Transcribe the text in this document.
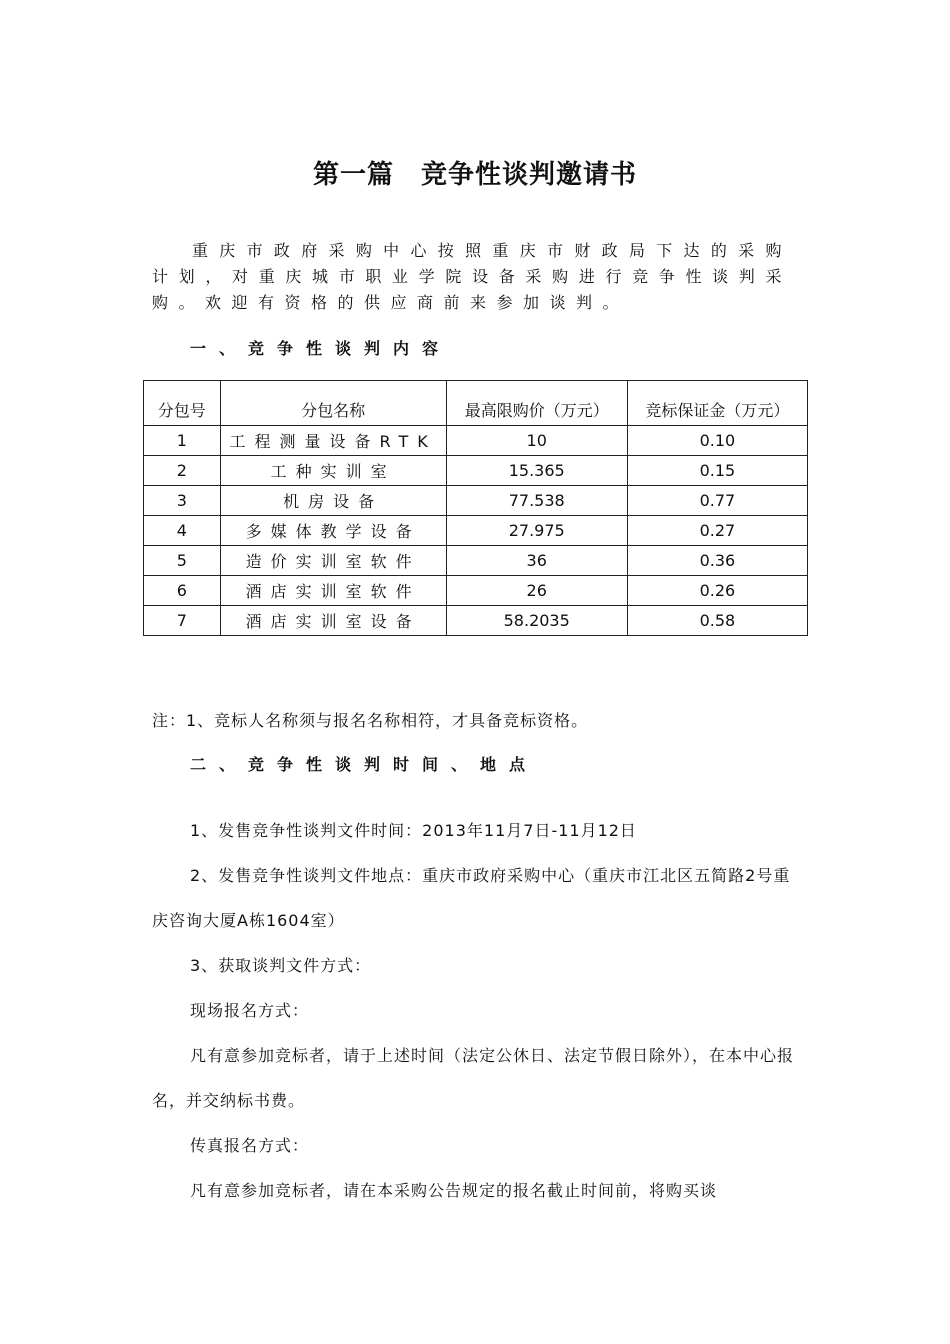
第一篇　竞争性谈判邀请书
重庆市政府采购中心按照重庆市财政局下达的采购计划，对重庆城市职业学院设备采购进行竞争性谈判采购。欢迎有资格的供应商前来参加谈判。
一、竞争性谈判内容
分包号	分包名称	最高限购价（万元）	竞标保证金（万元）
1	工程测量设备RTK	10	0.10
2	工种实训室	15.365	0.15
3	机房设备	77.538	0.77
4	多媒体教学设备	27.975	0.27
5	造价实训室软件	36	0.36
6	酒店实训室软件	26	0.26
7	酒店实训室设备	58.2035	0.58
注：1、竞标人名称须与报名名称相符，才具备竞标资格。
二、竞争性谈判时间、地点
1、发售竞争性谈判文件时间：2013年11月7日-11月12日
2、发售竞争性谈判文件地点：重庆市政府采购中心（重庆市江北区五简路2号重庆咨询大厦A栋1604室）
3、获取谈判文件方式：
现场报名方式：
凡有意参加竞标者，请于上述时间（法定公休日、法定节假日除外），在本中心报名，并交纳标书费。
传真报名方式：
凡有意参加竞标者，请在本采购公告规定的报名截止时间前，将购买谈
